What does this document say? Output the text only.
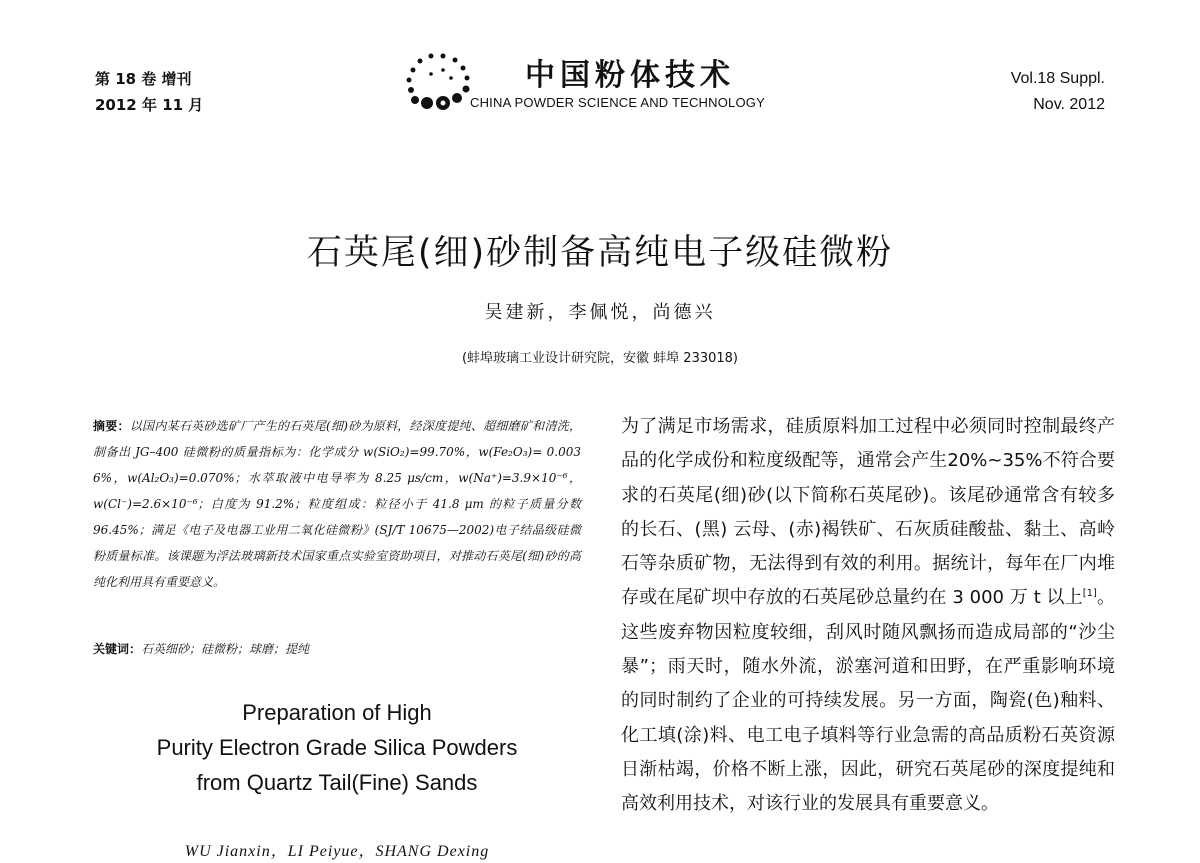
第 18 卷 增刊
2012 年 11 月
中国粉体技术
CHINA POWDER SCIENCE AND TECHNOLOGY
Vol.18 Suppl.
Nov. 2012
石英尾(细)砂制备高纯电子级硅微粉
吴建新，李佩悦，尚德兴
(蚌埠玻璃工业设计研究院，安徽 蚌埠 233018)
摘要：以国内某石英砂选矿厂产生的石英尾(细)砂为原料，经深度提纯、超细磨矿和清洗，制备出 JG–400 硅微粉的质量指标为：化学成分 w(SiO₂)=99.70%，w(Fe₂O₃)= 0.003 6%，w(Al₂O₃)=0.070%；水萃取液中电导率为 8.25 μs/cm，w(Na⁺)=3.9×10⁻⁶，w(Cl⁻)=2.6×10⁻⁶；白度为 91.2%；粒度组成：粒径小于 41.8 μm 的粒子质量分数 96.45%；满足《电子及电器工业用二氧化硅微粉》(SJ/T 10675—2002)电子结晶级硅微粉质量标准。该课题为浮法玻璃新技术国家重点实验室资助项目，对推动石英尾(细)砂的高纯化利用具有重要意义。
关键词：石英细砂；硅微粉；球磨；提纯
Preparation of High
Purity Electron Grade Silica Powders
from Quartz Tail(Fine) Sands
WU Jianxin，LI Peiyue，SHANG Dexing
为了满足市场需求，硅质原料加工过程中必须同时控制最终产品的化学成份和粒度级配等，通常会产生20%~35%不符合要求的石英尾(细)砂(以下简称石英尾砂)。该尾砂通常含有较多的长石、(黑) 云母、(赤)褐铁矿、石灰质硅酸盐、黏土、高岭石等杂质矿物，无法得到有效的利用。据统计，每年在厂内堆存或在尾矿坝中存放的石英尾砂总量约在 3 000 万 t 以上[1]。这些废弃物因粒度较细，刮风时随风飘扬而造成局部的“沙尘暴”；雨天时，随水外流，淤塞河道和田野，在严重影响环境的同时制约了企业的可持续发展。另一方面，陶瓷(色)釉料、化工填(涂)料、电工电子填料等行业急需的高品质粉石英资源日渐枯竭，价格不断上涨，因此，研究石英尾砂的深度提纯和高效利用技术，对该行业的发展具有重要意义。
